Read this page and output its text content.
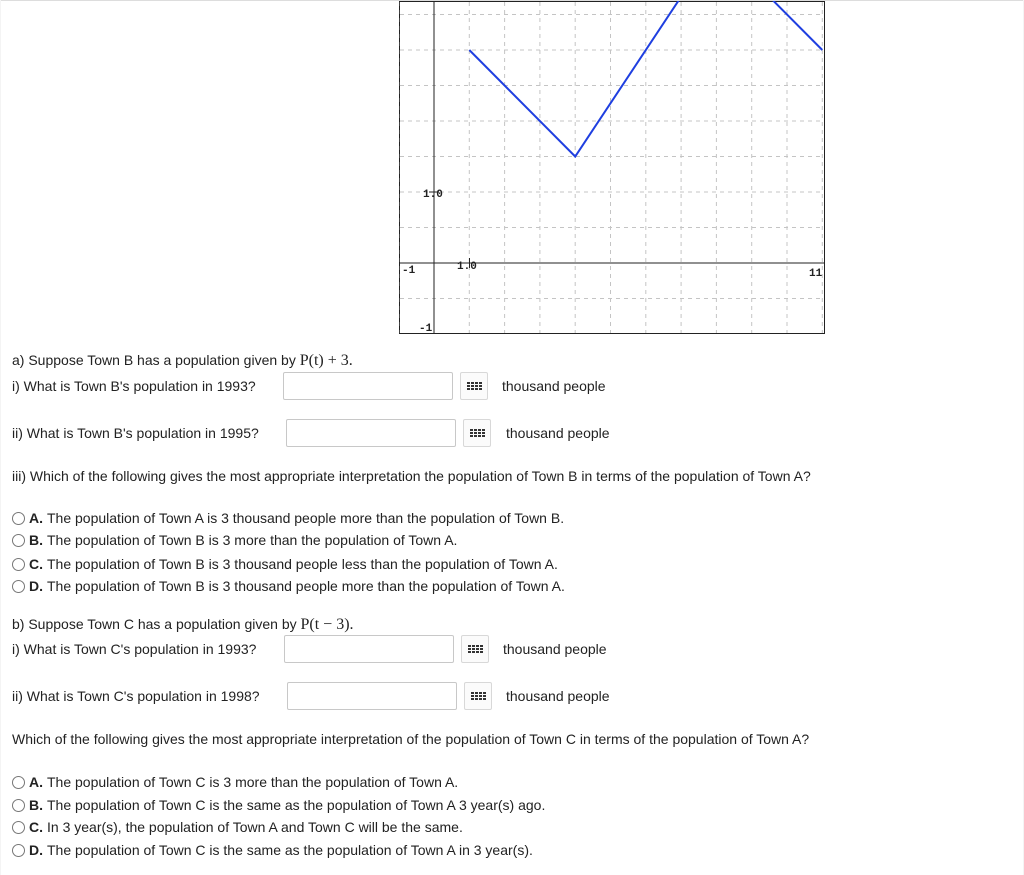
-1	11
1.0
1.0
-1
a) Suppose Town B has a population given by P(t) + 3.
i) What is Town B's population in 1993?	thousand people
ii) What is Town B's population in 1995?	thousand people
iii) Which of the following gives the most appropriate interpretation the population of Town B in terms of the population of Town A?
A. The population of Town A is 3 thousand people more than the population of Town B.
B. The population of Town B is 3 more than the population of Town A.
C. The population of Town B is 3 thousand people less than the population of Town A.
D. The population of Town B is 3 thousand people more than the population of Town A.
b) Suppose Town C has a population given by P(t − 3).
i) What is Town C's population in 1993?	thousand people
ii) What is Town C's population in 1998?	thousand people
Which of the following gives the most appropriate interpretation of the population of Town C in terms of the population of Town A?
A. The population of Town C is 3 more than the population of Town A.
B. The population of Town C is the same as the population of Town A 3 year(s) ago.
C. In 3 year(s), the population of Town A and Town C will be the same.
D. The population of Town C is the same as the population of Town A in 3 year(s).
